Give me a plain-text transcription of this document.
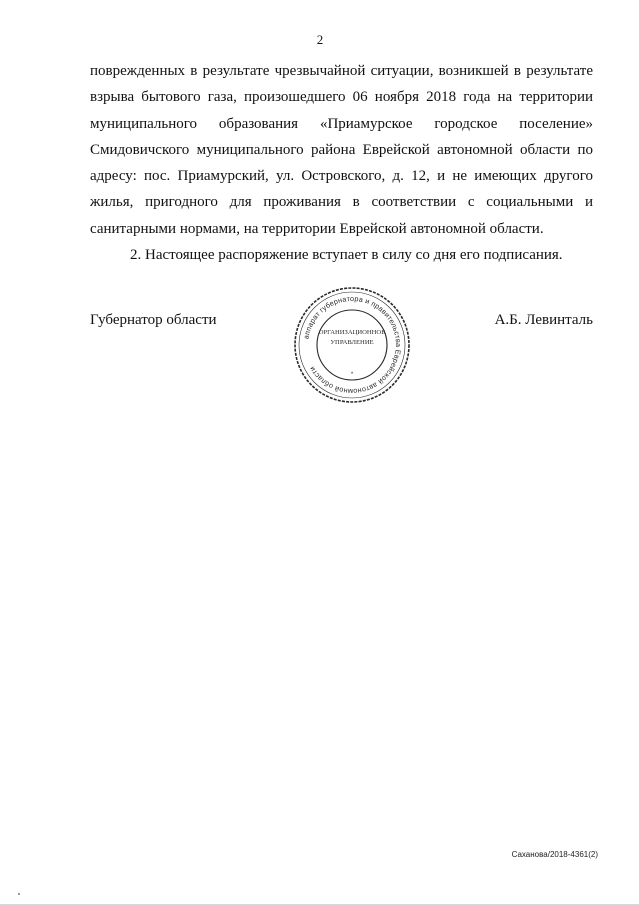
2
поврежденных в результате чрезвычайной ситуации, возникшей в результате
взрыва бытового газа, произошедшего 06 ноября 2018 года на территории
муниципального образования «Приамурское городское поселение»
Смидовичского муниципального района Еврейской автономной области по
адресу: пос. Приамурский, ул. Островского, д. 12, и не имеющих другого
жилья, пригодного для проживания в соответствии с социальными и
санитарными нормами, на территории Еврейской автономной области.
2. Настоящее распоряжение вступает в силу со дня его подписания.
Губернатор области	А.Б. Левинталь
аппарат губернатора и правительства Еврейской автономной области
ОРГАНИЗАЦИОННОЕ
УПРАВЛЕНИЕ
*
Саханова/2018-4361(2)
